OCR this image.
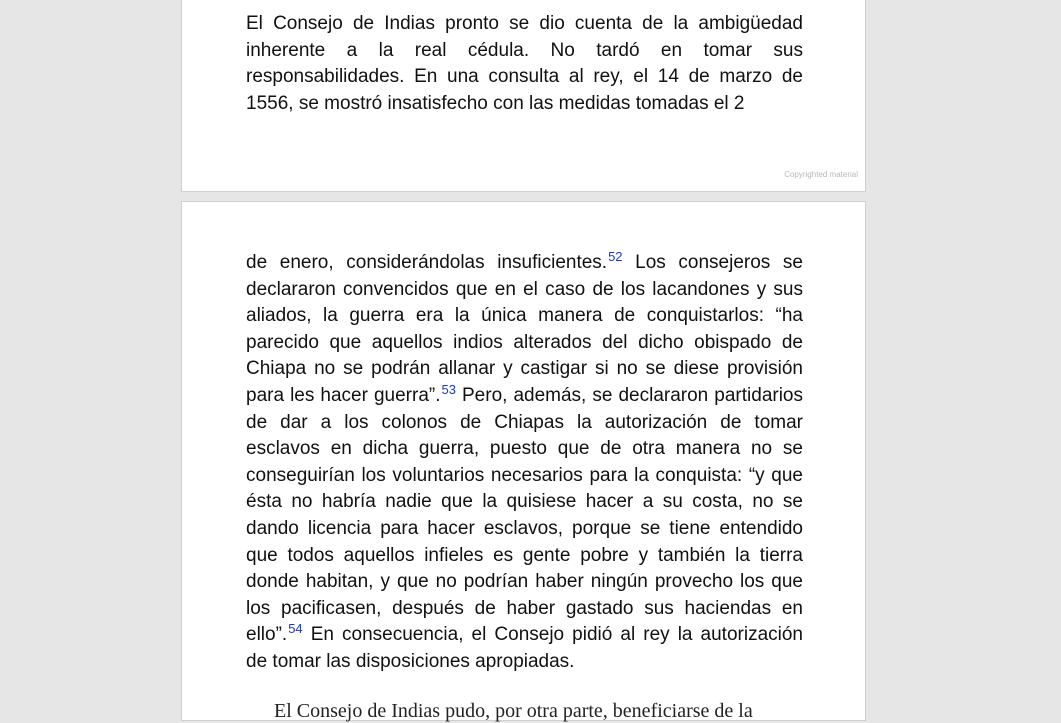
El Consejo de Indias pronto se dio cuenta de la ambigüedad inherente a la real cédula. No tardó en tomar sus responsabilidades. En una consulta al rey, el 14 de marzo de 1556, se mostró insatisfecho con las medidas tomadas el 2

Copyrighted material

de enero, considerándolas insuficientes.$^{52}$ Los consejeros se declararon convencidos que en el caso de los lacandones y sus aliados, la guerra era la única manera de conquistarlos: “ha parecido que aquellos indios alterados del dicho obispado de Chiapa no se podrán allanar y castigar si no se diese provisión para les hacer guerra”.$^{53}$ Pero, además, se declararon partidarios de dar a los colonos de Chiapas la autorización de tomar esclavos en dicha guerra, puesto que de otra manera no se conseguirían los voluntarios necesarios para la conquista: “y que ésta no habría nadie que la quisiese hacer a su costa, no se dando licencia para hacer esclavos, porque se tiene entendido que todos aquellos infieles es gente pobre y también la tierra donde habitan, y que no podrían haber ningún provecho los que los pacificasen, después de haber gastado sus haciendas en ello”.$^{54}$ En consecuencia, el Consejo pidió al rey la autorización de tomar las disposiciones apropiadas.

El Consejo de Indias pudo, por otra parte, beneficiarse de la
